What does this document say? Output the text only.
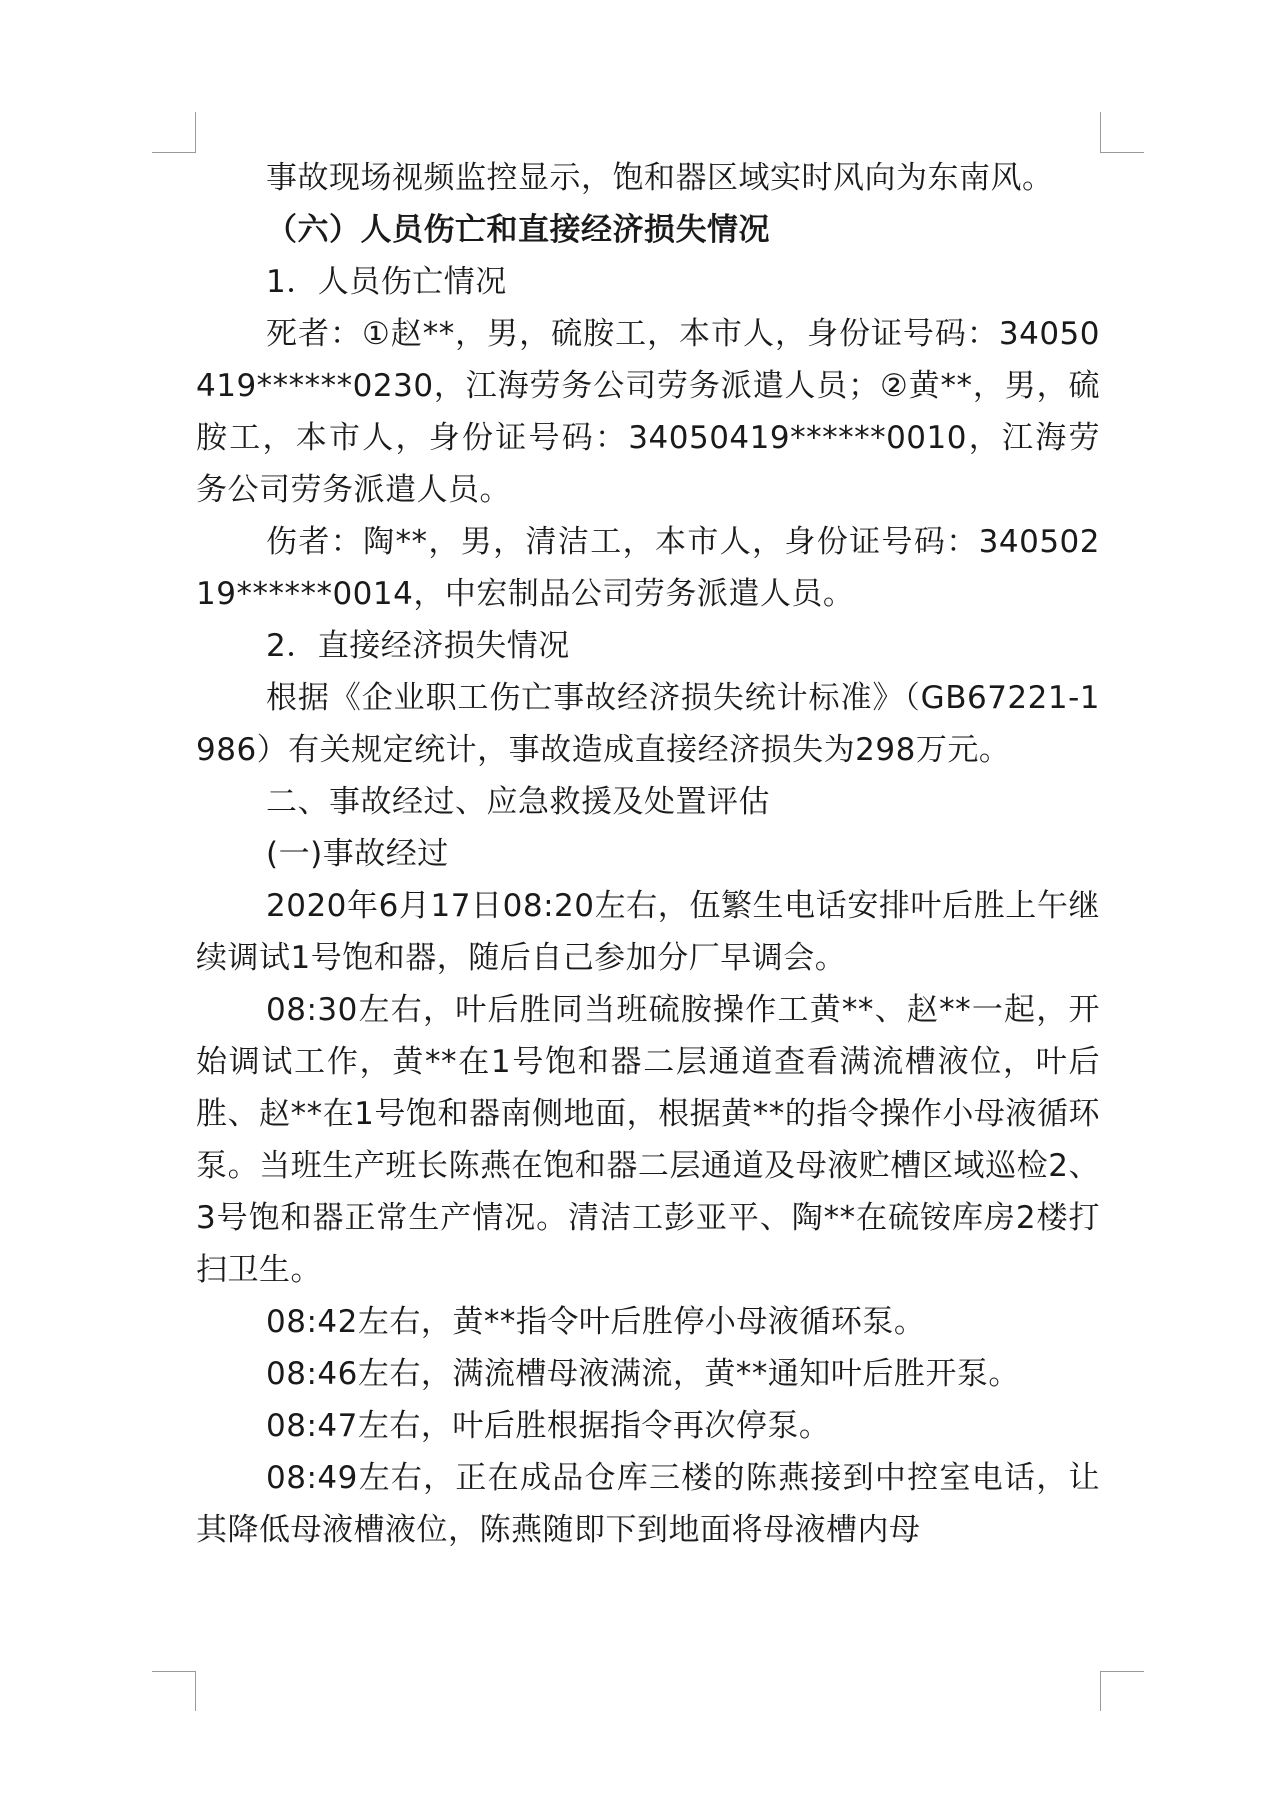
事故现场视频监控显示，饱和器区域实时风向为东南风。

（六）人员伤亡和直接经济损失情况

1．人员伤亡情况

死者：①赵**，男，硫胺工，本市人，身份证号码：34050419******0230，江海劳务公司劳务派遣人员；②黄**，男，硫胺工，本市人，身份证号码：34050419******0010，江海劳务公司劳务派遣人员。

伤者：陶**，男，清洁工，本市人，身份证号码：34050219******0014，中宏制品公司劳务派遣人员。

2．直接经济损失情况

根据《企业职工伤亡事故经济损失统计标准》（GB67221-1986）有关规定统计，事故造成直接经济损失为298万元。

二、事故经过、应急救援及处置评估

(一)事故经过

2020年6月17日08:20左右，伍繁生电话安排叶后胜上午继续调试1号饱和器，随后自己参加分厂早调会。

08:30左右，叶后胜同当班硫胺操作工黄**、赵**一起，开始调试工作，黄**在1号饱和器二层通道查看满流槽液位，叶后胜、赵**在1号饱和器南侧地面，根据黄**的指令操作小母液循环泵。当班生产班长陈燕在饱和器二层通道及母液贮槽区域巡检2、3号饱和器正常生产情况。清洁工彭亚平、陶**在硫铵库房2楼打扫卫生。

08:42左右，黄**指令叶后胜停小母液循环泵。

08:46左右，满流槽母液满流，黄**通知叶后胜开泵。

08:47左右，叶后胜根据指令再次停泵。

08:49左右，正在成品仓库三楼的陈燕接到中控室电话，让其降低母液槽液位，陈燕随即下到地面将母液槽内母
